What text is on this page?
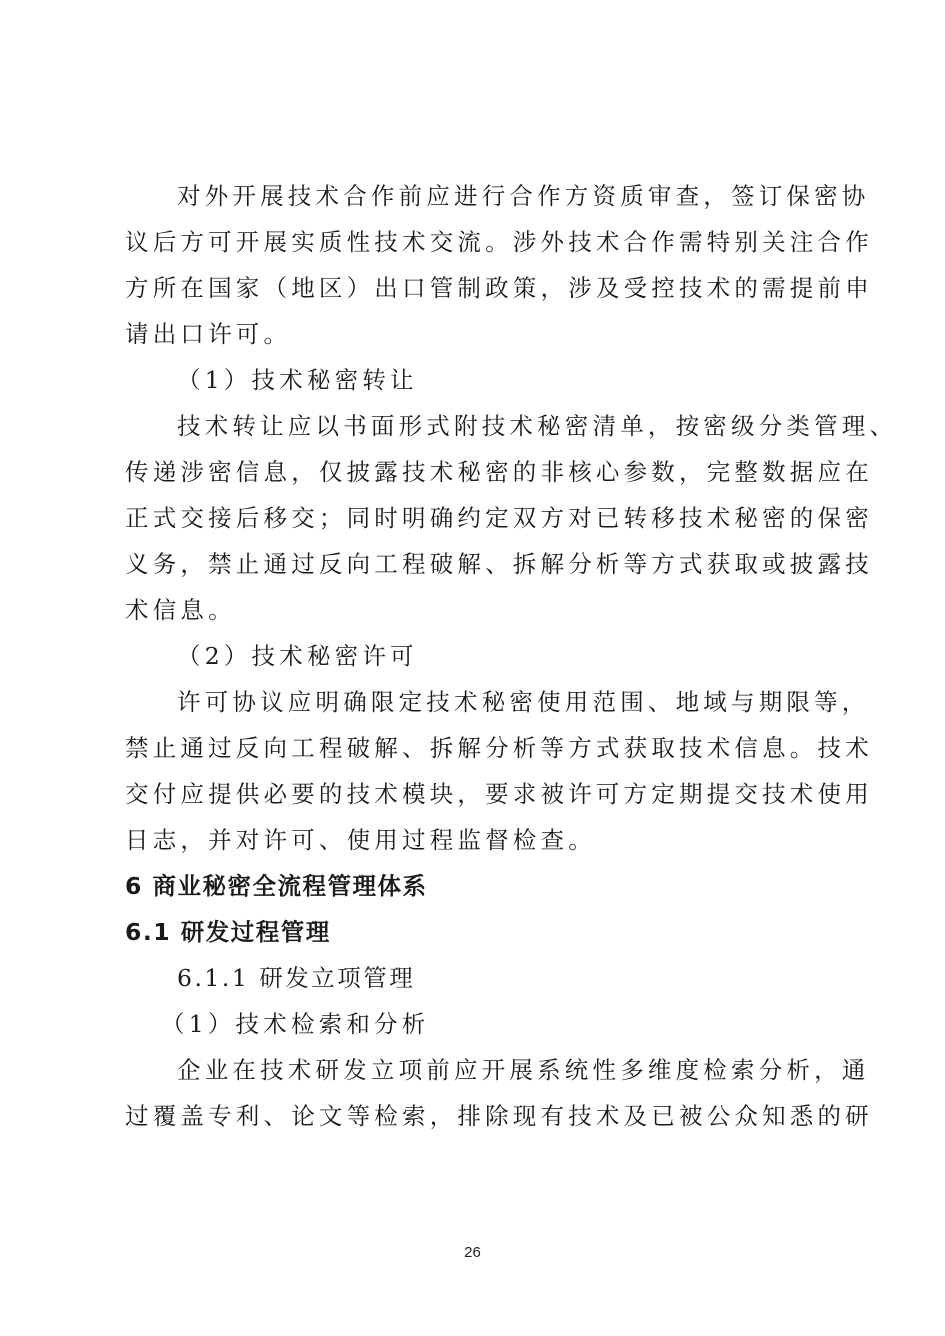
对外开展技术合作前应进行合作方资质审查，签订保密协
议后方可开展实质性技术交流。涉外技术合作需特别关注合作
方所在国家（地区）出口管制政策，涉及受控技术的需提前申
请出口许可。
（1）技术秘密转让
技术转让应以书面形式附技术秘密清单，按密级分类管理、
传递涉密信息，仅披露技术秘密的非核心参数，完整数据应在
正式交接后移交；同时明确约定双方对已转移技术秘密的保密
义务，禁止通过反向工程破解、拆解分析等方式获取或披露技
术信息。
（2）技术秘密许可
许可协议应明确限定技术秘密使用范围、地域与期限等，
禁止通过反向工程破解、拆解分析等方式获取技术信息。技术
交付应提供必要的技术模块，要求被许可方定期提交技术使用
日志，并对许可、使用过程监督检查。
6 商业秘密全流程管理体系
6.1 研发过程管理
6.1.1 研发立项管理
（1）技术检索和分析
企业在技术研发立项前应开展系统性多维度检索分析，通
过覆盖专利、论文等检索，排除现有技术及已被公众知悉的研
26
